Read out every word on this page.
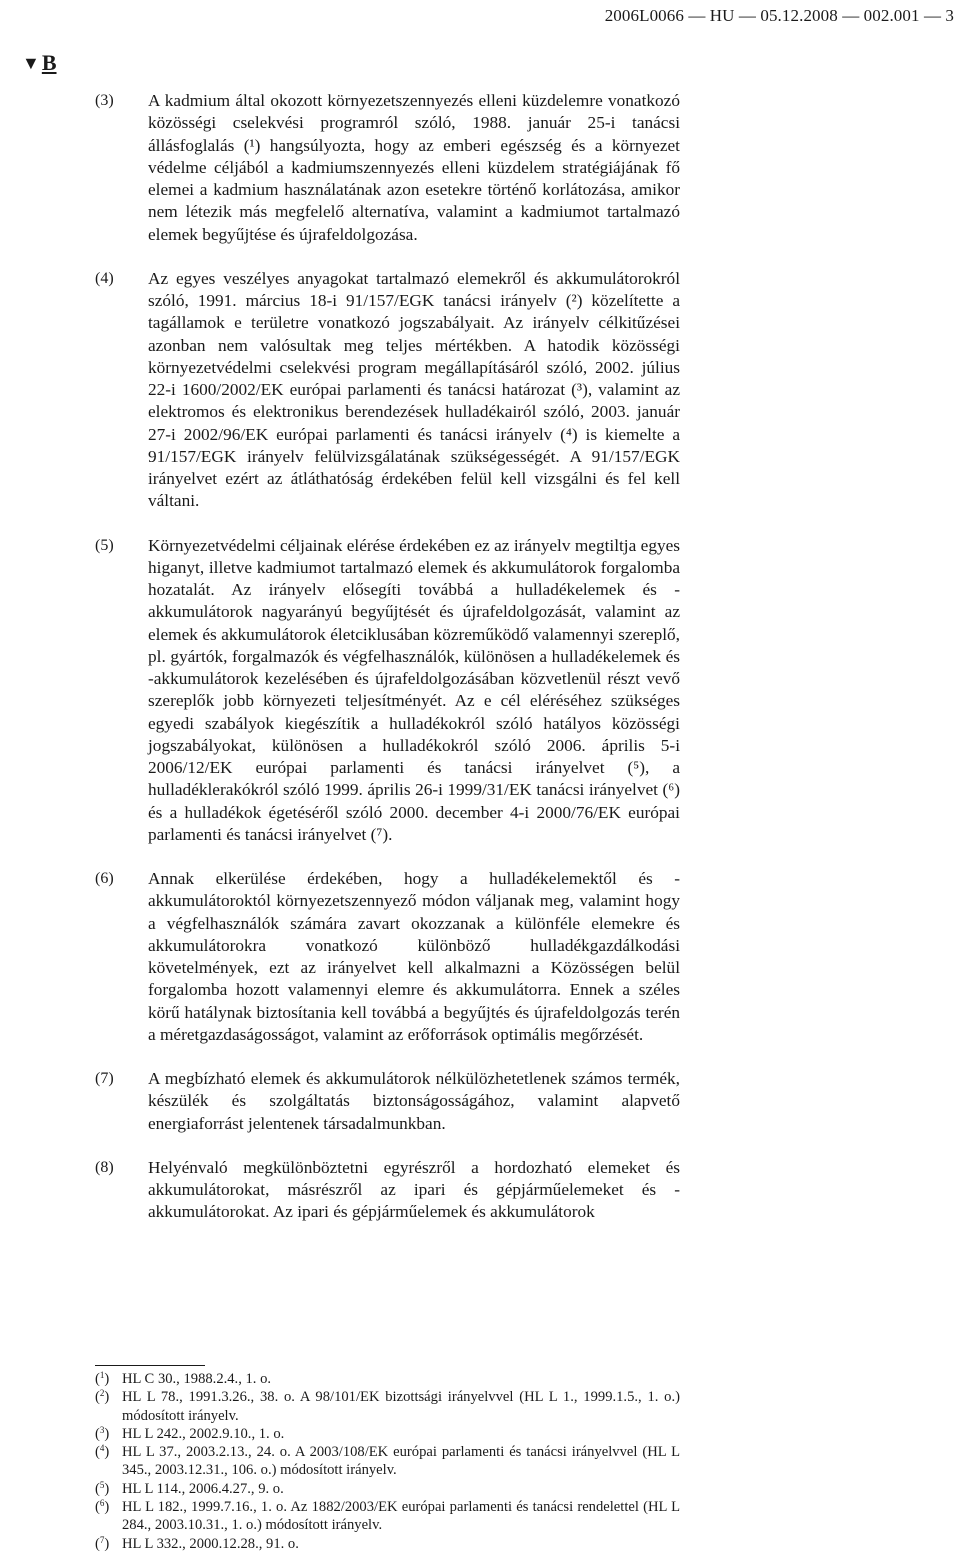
2006L0066 — HU — 05.12.2008 — 002.001 — 3
▼ B
(3)	A kadmium által okozott környezetszennyezés elleni küzdelemre vonatkozó közösségi cselekvési programról szóló, 1988. január 25-i tanácsi állásfoglalás (¹) hangsúlyozta, hogy az emberi egészség és a környezet védelme céljából a kadmiumszennyezés elleni küzdelem stratégiájának fő elemei a kadmium használatának azon esetekre történő korlátozása, amikor nem létezik más megfelelő alternatíva, valamint a kadmiumot tartalmazó elemek begyűjtése és újrafeldolgozása.
(4)	Az egyes veszélyes anyagokat tartalmazó elemekről és akkumulátorokról szóló, 1991. március 18-i 91/157/EGK tanácsi irányelv (²) közelítette a tagállamok e területre vonatkozó jogszabályait. Az irányelv célkitűzései azonban nem valósultak meg teljes mértékben. A hatodik közösségi környezetvédelmi cselekvési program megállapításáról szóló, 2002. július 22-i 1600/2002/EK európai parlamenti és tanácsi határozat (³), valamint az elektromos és elektronikus berendezések hulladékairól szóló, 2003. január 27-i 2002/96/EK európai parlamenti és tanácsi irányelv (⁴) is kiemelte a 91/157/EGK irányelv felülvizsgálatának szükségességét. A 91/157/EGK irányelvet ezért az átláthatóság érdekében felül kell vizsgálni és fel kell váltani.
(5)	Környezetvédelmi céljainak elérése érdekében ez az irányelv megtiltja egyes higanyt, illetve kadmiumot tartalmazó elemek és akkumulátorok forgalomba hozatalát. Az irányelv elősegíti továbbá a hulladékelemek és -akkumulátorok nagyarányú begyűjtését és újrafeldolgozását, valamint az elemek és akkumulátorok életciklusában közreműködő valamennyi szereplő, pl. gyártók, forgalmazók és végfelhasználók, különösen a hulladékelemek és -akkumulátorok kezelésében és újrafeldolgozásában közvetlenül részt vevő szereplők jobb környezeti teljesítményét. Az e cél eléréséhez szükséges egyedi szabályok kiegészítik a hulladékokról szóló hatályos közösségi jogszabályokat, különösen a hulladékokról szóló 2006. április 5-i 2006/12/EK európai parlamenti és tanácsi irányelvet (⁵), a hulladéklerakókról szóló 1999. április 26-i 1999/31/EK tanácsi irányelvet (⁶) és a hulladékok égetéséről szóló 2000. december 4-i 2000/76/EK európai parlamenti és tanácsi irányelvet (⁷).
(6)	Annak elkerülése érdekében, hogy a hulladékelemektől és -akkumulátoroktól környezetszennyező módon váljanak meg, valamint hogy a végfelhasználók számára zavart okozzanak a különféle elemekre és akkumulátorokra vonatkozó különböző hulladékgazdálkodási követelmények, ezt az irányelvet kell alkalmazni a Közösségen belül forgalomba hozott valamennyi elemre és akkumulátorra. Ennek a széles körű hatálynak biztosítania kell továbbá a begyűjtés és újrafeldolgozás terén a méretgazdaságosságot, valamint az erőforrások optimális megőrzését.
(7)	A megbízható elemek és akkumulátorok nélkülözhetetlenek számos termék, készülék és szolgáltatás biztonságosságához, valamint alapvető energiaforrást jelentenek társadalmunkban.
(8)	Helyénvaló megkülönböztetni egyrészről a hordozható elemeket és akkumulátorokat, másrészről az ipari és gépjárműelemeket és - akkumulátorokat. Az ipari és gépjárműelemek és akkumulátorok
($^1$) HL C 30., 1988.2.4., 1. o.
($^2$) HL L 78., 1991.3.26., 38. o. A 98/101/EK bizottsági irányelvvel (HL L 1., 1999.1.5., 1. o.) módosított irányelv.
($^3$) HL L 242., 2002.9.10., 1. o.
($^4$) HL L 37., 2003.2.13., 24. o. A 2003/108/EK európai parlamenti és tanácsi irányelvvel (HL L 345., 2003.12.31., 106. o.) módosított irányelv.
($^5$) HL L 114., 2006.4.27., 9. o.
($^6$) HL L 182., 1999.7.16., 1. o. Az 1882/2003/EK európai parlamenti és tanácsi rendelettel (HL L 284., 2003.10.31., 1. o.) módosított irányelv.
($^7$) HL L 332., 2000.12.28., 91. o.
